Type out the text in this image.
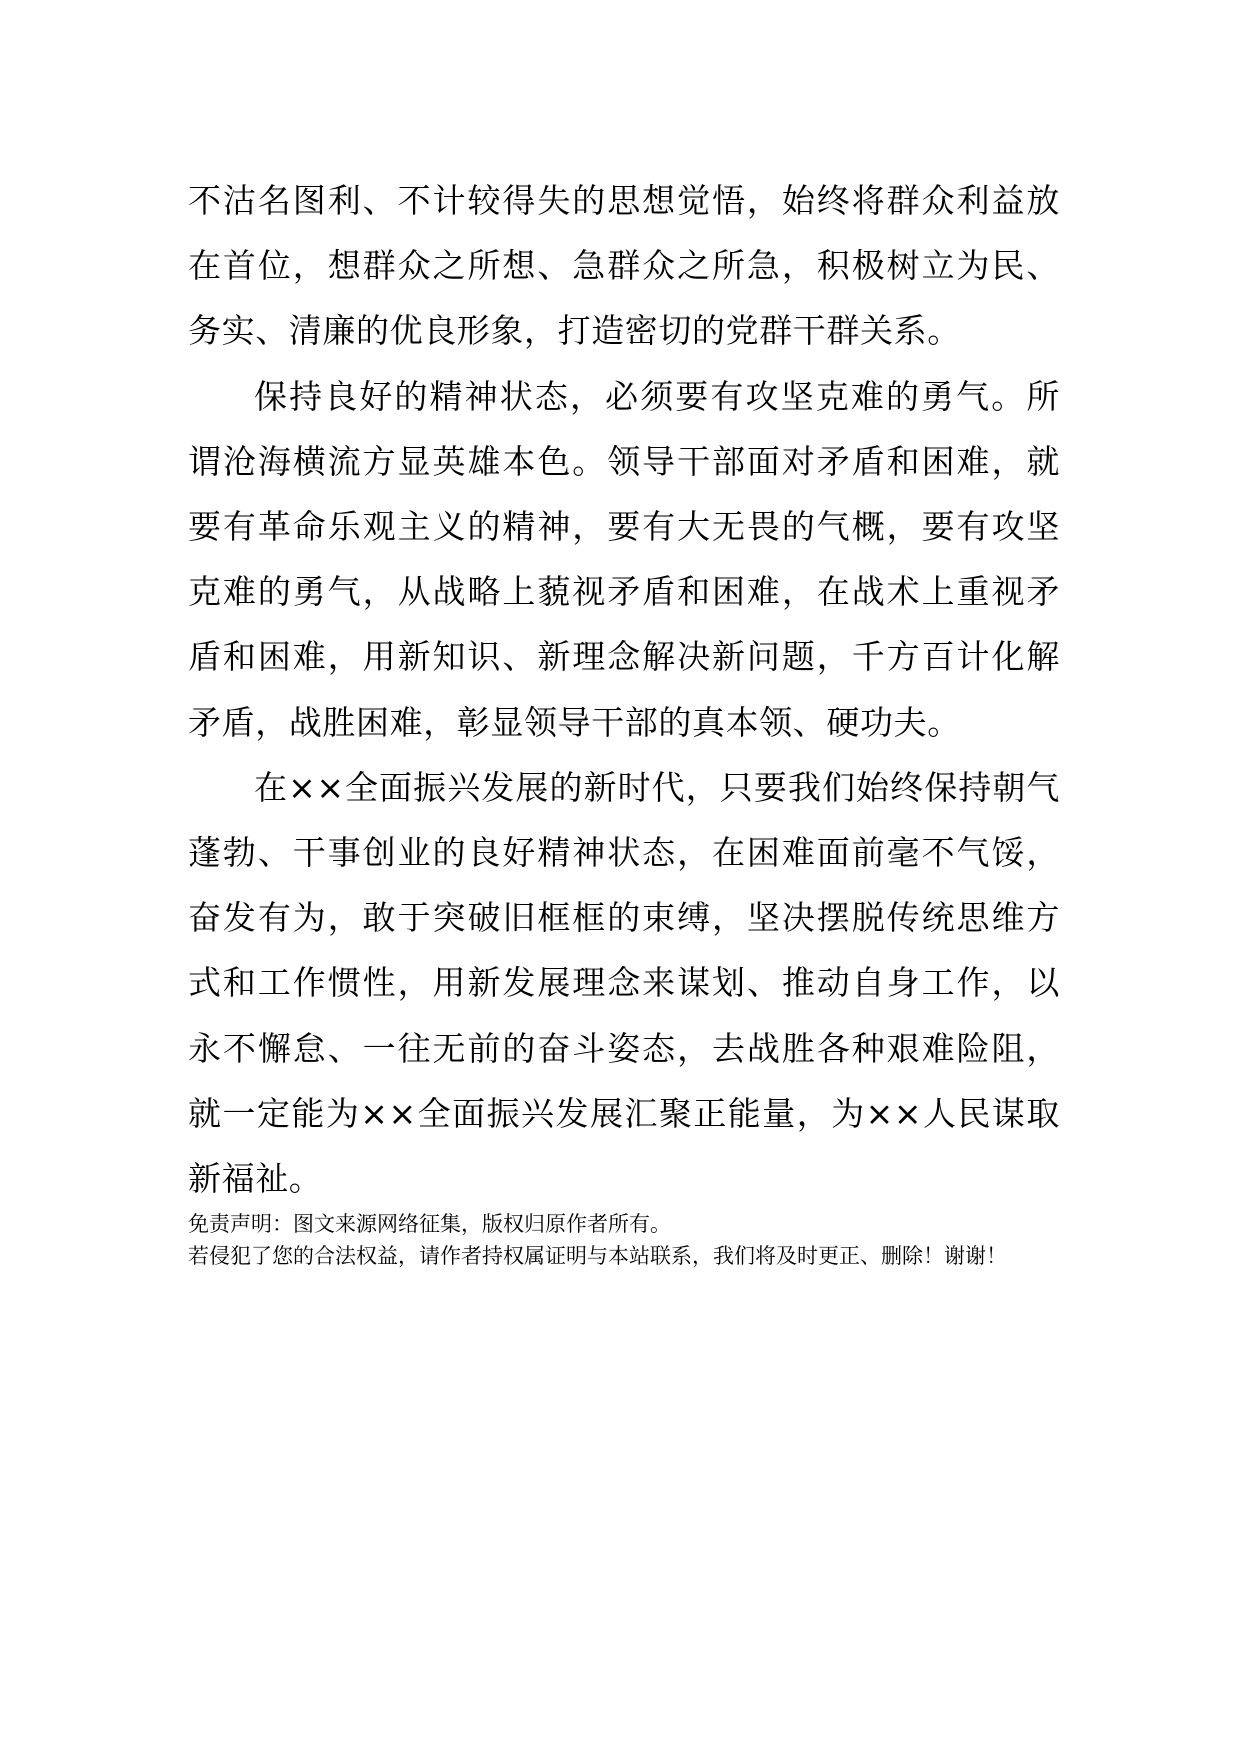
不沽名图利、不计较得失的思想觉悟，始终将群众利益放在首位，想群众之所想、急群众之所急，积极树立为民、务实、清廉的优良形象，打造密切的党群干群关系。

保持良好的精神状态，必须要有攻坚克难的勇气。所谓沧海横流方显英雄本色。领导干部面对矛盾和困难，就要有革命乐观主义的精神，要有大无畏的气概，要有攻坚克难的勇气，从战略上藐视矛盾和困难，在战术上重视矛盾和困难，用新知识、新理念解决新问题，千方百计化解矛盾，战胜困难，彰显领导干部的真本领、硬功夫。

在××全面振兴发展的新时代，只要我们始终保持朝气蓬勃、干事创业的良好精神状态，在困难面前毫不气馁，奋发有为，敢于突破旧框框的束缚，坚决摆脱传统思维方式和工作惯性，用新发展理念来谋划、推动自身工作，以永不懈怠、一往无前的奋斗姿态，去战胜各种艰难险阻，就一定能为××全面振兴发展汇聚正能量，为××人民谋取新福祉。

免责声明：图文来源网络征集，版权归原作者所有。

若侵犯了您的合法权益，请作者持权属证明与本站联系，我们将及时更正、删除！谢谢！
